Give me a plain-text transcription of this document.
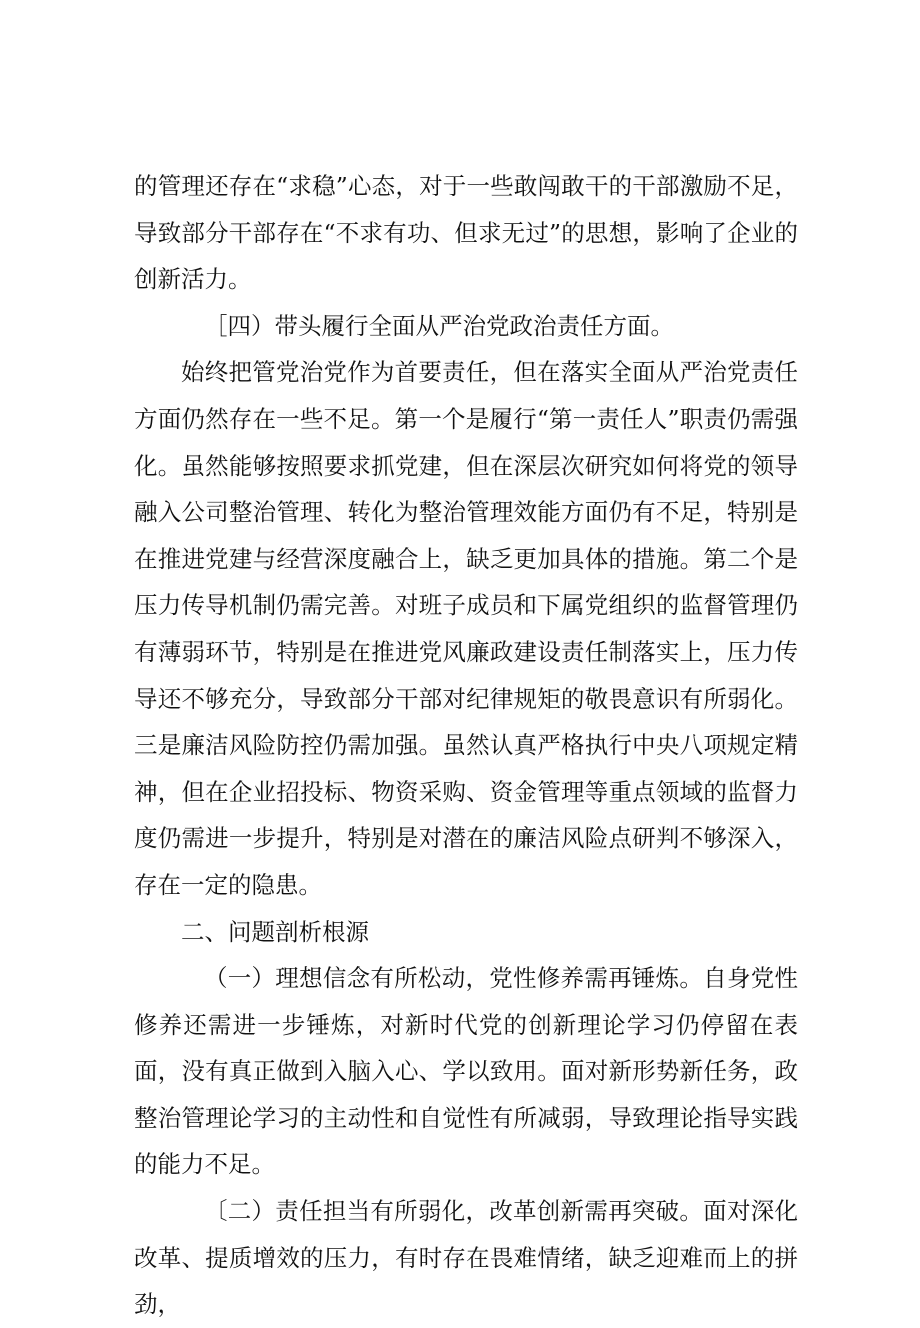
的管理还存在“求稳”心态，对于一些敢闯敢干的干部激励不足，导致部分干部存在“不求有功、但求无过”的思想，影响了企业的创新活力。

［四）带头履行全面从严治党政治责任方面。

始终把管党治党作为首要责任，但在落实全面从严治党责任方面仍然存在一些不足。第一个是履行“第一责任人”职责仍需强化。虽然能够按照要求抓党建，但在深层次研究如何将党的领导融入公司整治管理、转化为整治管理效能方面仍有不足，特别是在推进党建与经营深度融合上，缺乏更加具体的措施。第二个是压力传导机制仍需完善。对班子成员和下属党组织的监督管理仍有薄弱环节，特别是在推进党风廉政建设责任制落实上，压力传导还不够充分，导致部分干部对纪律规矩的敬畏意识有所弱化。三是廉洁风险防控仍需加强。虽然认真严格执行中央八项规定精神，但在企业招投标、物资采购、资金管理等重点领域的监督力度仍需进一步提升，特别是对潜在的廉洁风险点研判不够深入，存在一定的隐患。

二、问题剖析根源

（一）理想信念有所松动，党性修养需再锤炼。自身党性修养还需进一步锤炼，对新时代党的创新理论学习仍停留在表面，没有真正做到入脑入心、学以致用。面对新形势新任务，政整治管理论学习的主动性和自觉性有所减弱，导致理论指导实践的能力不足。

〔二）责任担当有所弱化，改革创新需再突破。面对深化改革、提质增效的压力，有时存在畏难情绪，缺乏迎难而上的拼劲，
